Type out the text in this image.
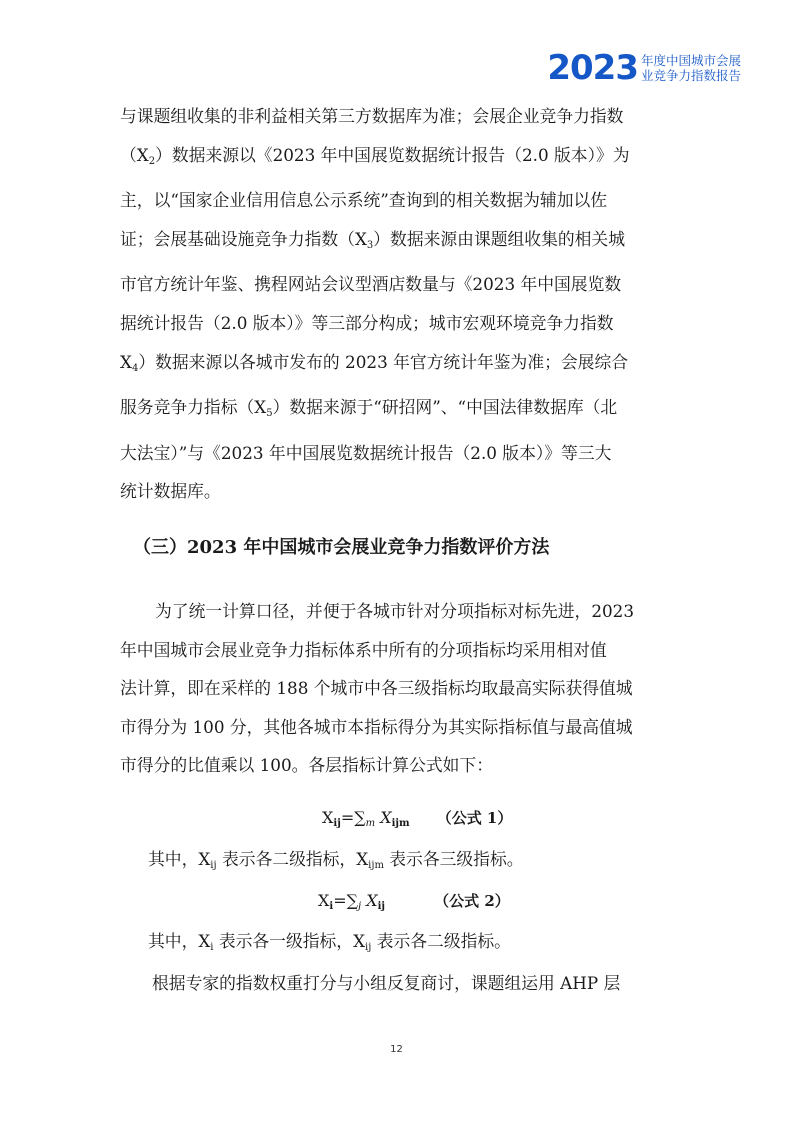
2023 年度中国城市会展
业竞争力指数报告

与课题组收集的非利益相关第三方数据库为准；会展企业竞争力指数
$(X_2)$数据来源以《2023 年中国展览数据统计报告（2.0 版本）》为
主，以“国家企业信用信息公示系统”查询到的相关数据为辅加以佐
证；会展基础设施竞争力指数$(X_3)$数据来源由课题组收集的相关城
市官方统计年鉴、携程网站会议型酒店数量与《2023 年中国展览数
据统计报告（2.0 版本）》等三部分构成；城市宏观环境竞争力指数
$X_4$）数据来源以各城市发布的 2023 年官方统计年鉴为准；会展综合
服务竞争力指标$(X_5)$数据来源于“研招网”、“中国法律数据库（北
大法宝）”与《2023 年中国展览数据统计报告（2.0 版本）》等三大
统计数据库。

（三）2023 年中国城市会展业竞争力指数评价方法

为了统一计算口径，并便于各城市针对分项指标对标先进，2023
年中国城市会展业竞争力指标体系中所有的分项指标均采用相对值
法计算，即在采样的 188 个城市中各三级指标均取最高实际获得值城
市得分为 100 分，其他各城市本指标得分为其实际指标值与最高值城
市得分的比值乘以 100。各层指标计算公式如下：

$X_{ij}=\sum_m$ $X_{ijm}$ （公式 1）
其中，$X_{ij}$ 表示各二级指标，$X_{ijm}$ 表示各三级指标。
$X_i=\sum_j$ $X_{ij}$	（公式 2）
其中，$X_i$ 表示各一级指标，$X_{ij}$ 表示各二级指标。
根据专家的指数权重打分与小组反复商讨，课题组运用 AHP 层
12
